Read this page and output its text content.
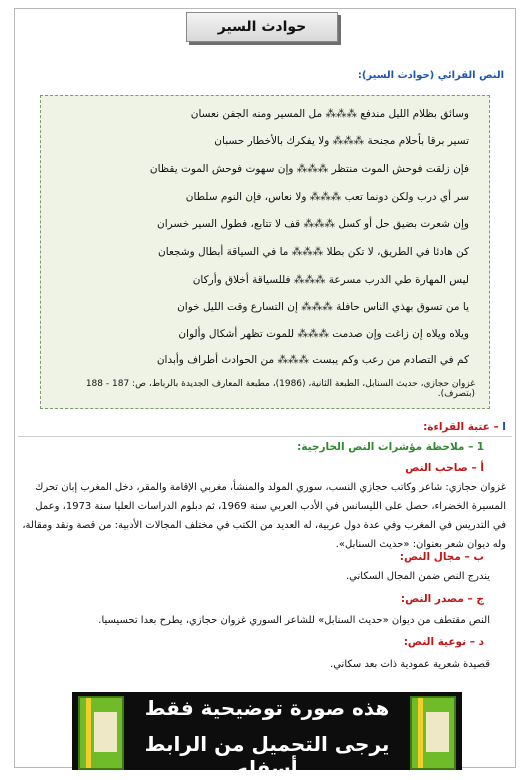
حوادث السير
النص القرائي (حوادث السير):
وسائق بظلام الليل مندفع ⁂⁂⁂ مل المسير ومنه الجفن نعسان
تسير برقا بأحلام مجنحة ⁂⁂⁂ ولا يفكرك بالأخطار حسبان
فإن زلقت فوحش الموت منتظر ⁂⁂⁂ وإن سهوت فوحش الموت يقظان
سر أي درب ولكن دونما تعب ⁂⁂⁂ ولا نعاس، فإن النوم سلطان
وإن شعرت بضيق حل أو كسل ⁂⁂⁂ قف لا تتابع، فطول السير خسران
كن هادئا في الطريق، لا تكن بطلا ⁂⁂⁂ ما في السياقة أبطال وشجعان
ليس المهارة طي الدرب مسرعة ⁂⁂⁂ فللسياقة أخلاق وأركان
يا من تسوق بهذي الناس حافلة ⁂⁂⁂ إن التسارع وقت الليل خوان
ويلاه ويلاه إن زاغت وإن صدمت ⁂⁂⁂ للموت تظهر أشكال وألوان
كم في التصادم من رعب وكم يبست ⁂⁂⁂ من الحوادث أطراف وأبدان
غزوان حجازي، حديث السنابل، الطبعة الثانية، (1986)، مطبعة المعارف الجديدة بالرباط، ص: 187 - 188 (بتصرف).
I – عتبة القراءة:
1 – ملاحظة مؤشرات النص الخارجية:
أ – صاحب النص
غزوان حجازي: شاعر وكاتب حجازي النسب، سوري المولد والمنشأ، مغربي الإقامة والمقر، دخل المغرب إبان تحرك المسيرة الخضراء، حصل على الليسانس في الأدب العربي سنة 1969، ثم دبلوم الدراسات العليا سنة 1973، وعمل في التدريس في المغرب وفي عدة دول عربية، له العديد من الكتب في مختلف المجالات الأدبية: من قصة ونقد ومقالة، وله ديوان شعر بعنوان: «حديث السنابل».
ب – مجال النص:
يندرج النص ضمن المجال السكاني.
ج – مصدر النص:
النص مقتطف من ديوان «حديث السنابل» للشاعر السوري غزوان حجازي، يطرح بعدا تحسيسيا.
د – نوعية النص:
قصيدة شعرية عمودية ذات بعد سكاني.
هذه صورة توضيحية فقط
يرجى التحميل من الرابط أسفله
